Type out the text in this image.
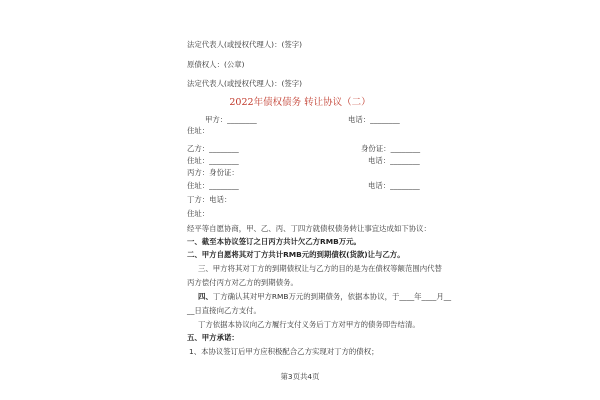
法定代表人(或授权代理人)：(签字)
原债权人：(公章)
法定代表人(或授权代理人)：(签字)
2022年债权债务 转让协议（二）
甲方：________	电话：________
住址：
乙方：________	身份证：________
住址：________	电话：________
丙方：身份证：
住址：________	电话：________
丁方：电话：
住址：
经平等自愿协商，甲、乙、丙、丁四方就债权债务转让事宜达成如下协议：
一、截至本协议签订之日丙方共计欠乙方RMB万元。
二、甲方自愿将其对丁方共计RMB元的到期债权(货款)让与乙方。
三、甲方将其对丁方的到期债权让与乙方的目的是为在债权等额范围内代替
丙方偿付丙方对乙方的到期债务。
四、丁方确认其对甲方RMB万元的到期债务，依据本协议，于____年____月__
__日直接向乙方支付。
丁方依据本协议向乙方履行支付义务后丁方对甲方的债务即告结清。
五、甲方承诺：
1、本协议签订后甲方应积极配合乙方实现对丁方的债权；
第3页共4页
